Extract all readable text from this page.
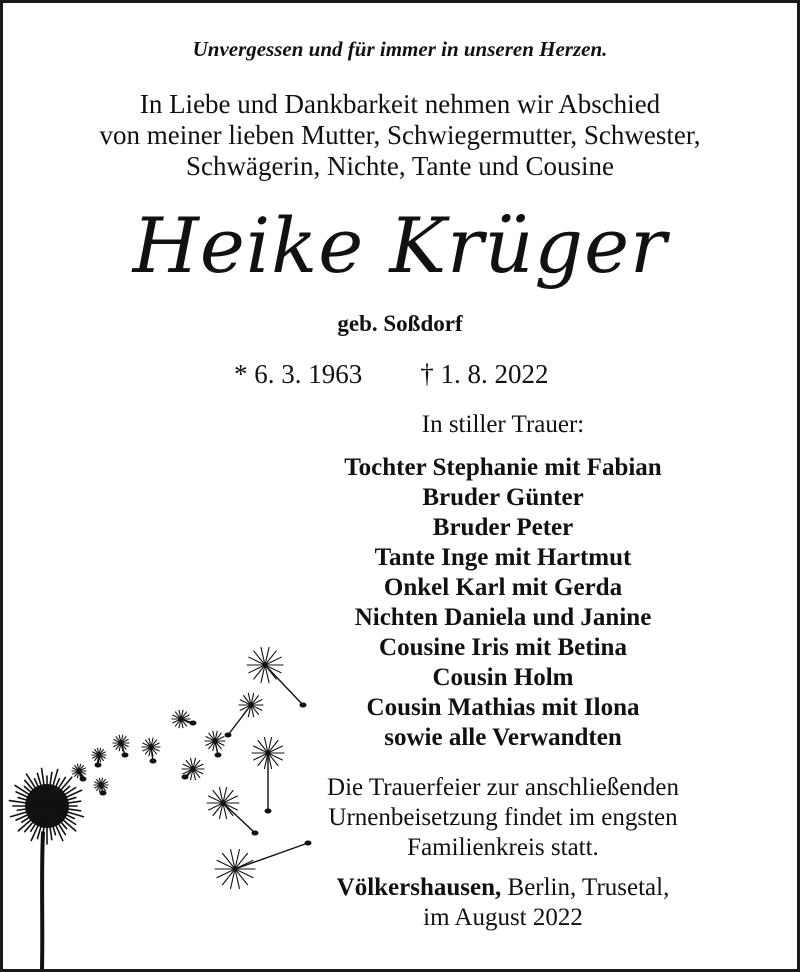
Unvergessen und für immer in unseren Herzen.
In Liebe und Dankbarkeit nehmen wir Abschied
von meiner lieben Mutter, Schwiegermutter, Schwester,
Schwägerin, Nichte, Tante und Cousine
Heike Krüger
geb. Soßdorf
* 6. 3. 1963 † 1. 8. 2022
In stiller Trauer:
Tochter Stephanie mit Fabian
Bruder Günter
Bruder Peter
Tante Inge mit Hartmut
Onkel Karl mit Gerda
Nichten Daniela und Janine
Cousine Iris mit Betina
Cousin Holm
Cousin Mathias mit Ilona
sowie alle Verwandten
Die Trauerfeier zur anschließenden
Urnenbeisetzung findet im engsten
Familienkreis statt.
Völkershausen, Berlin, Trusetal,
im August 2022
